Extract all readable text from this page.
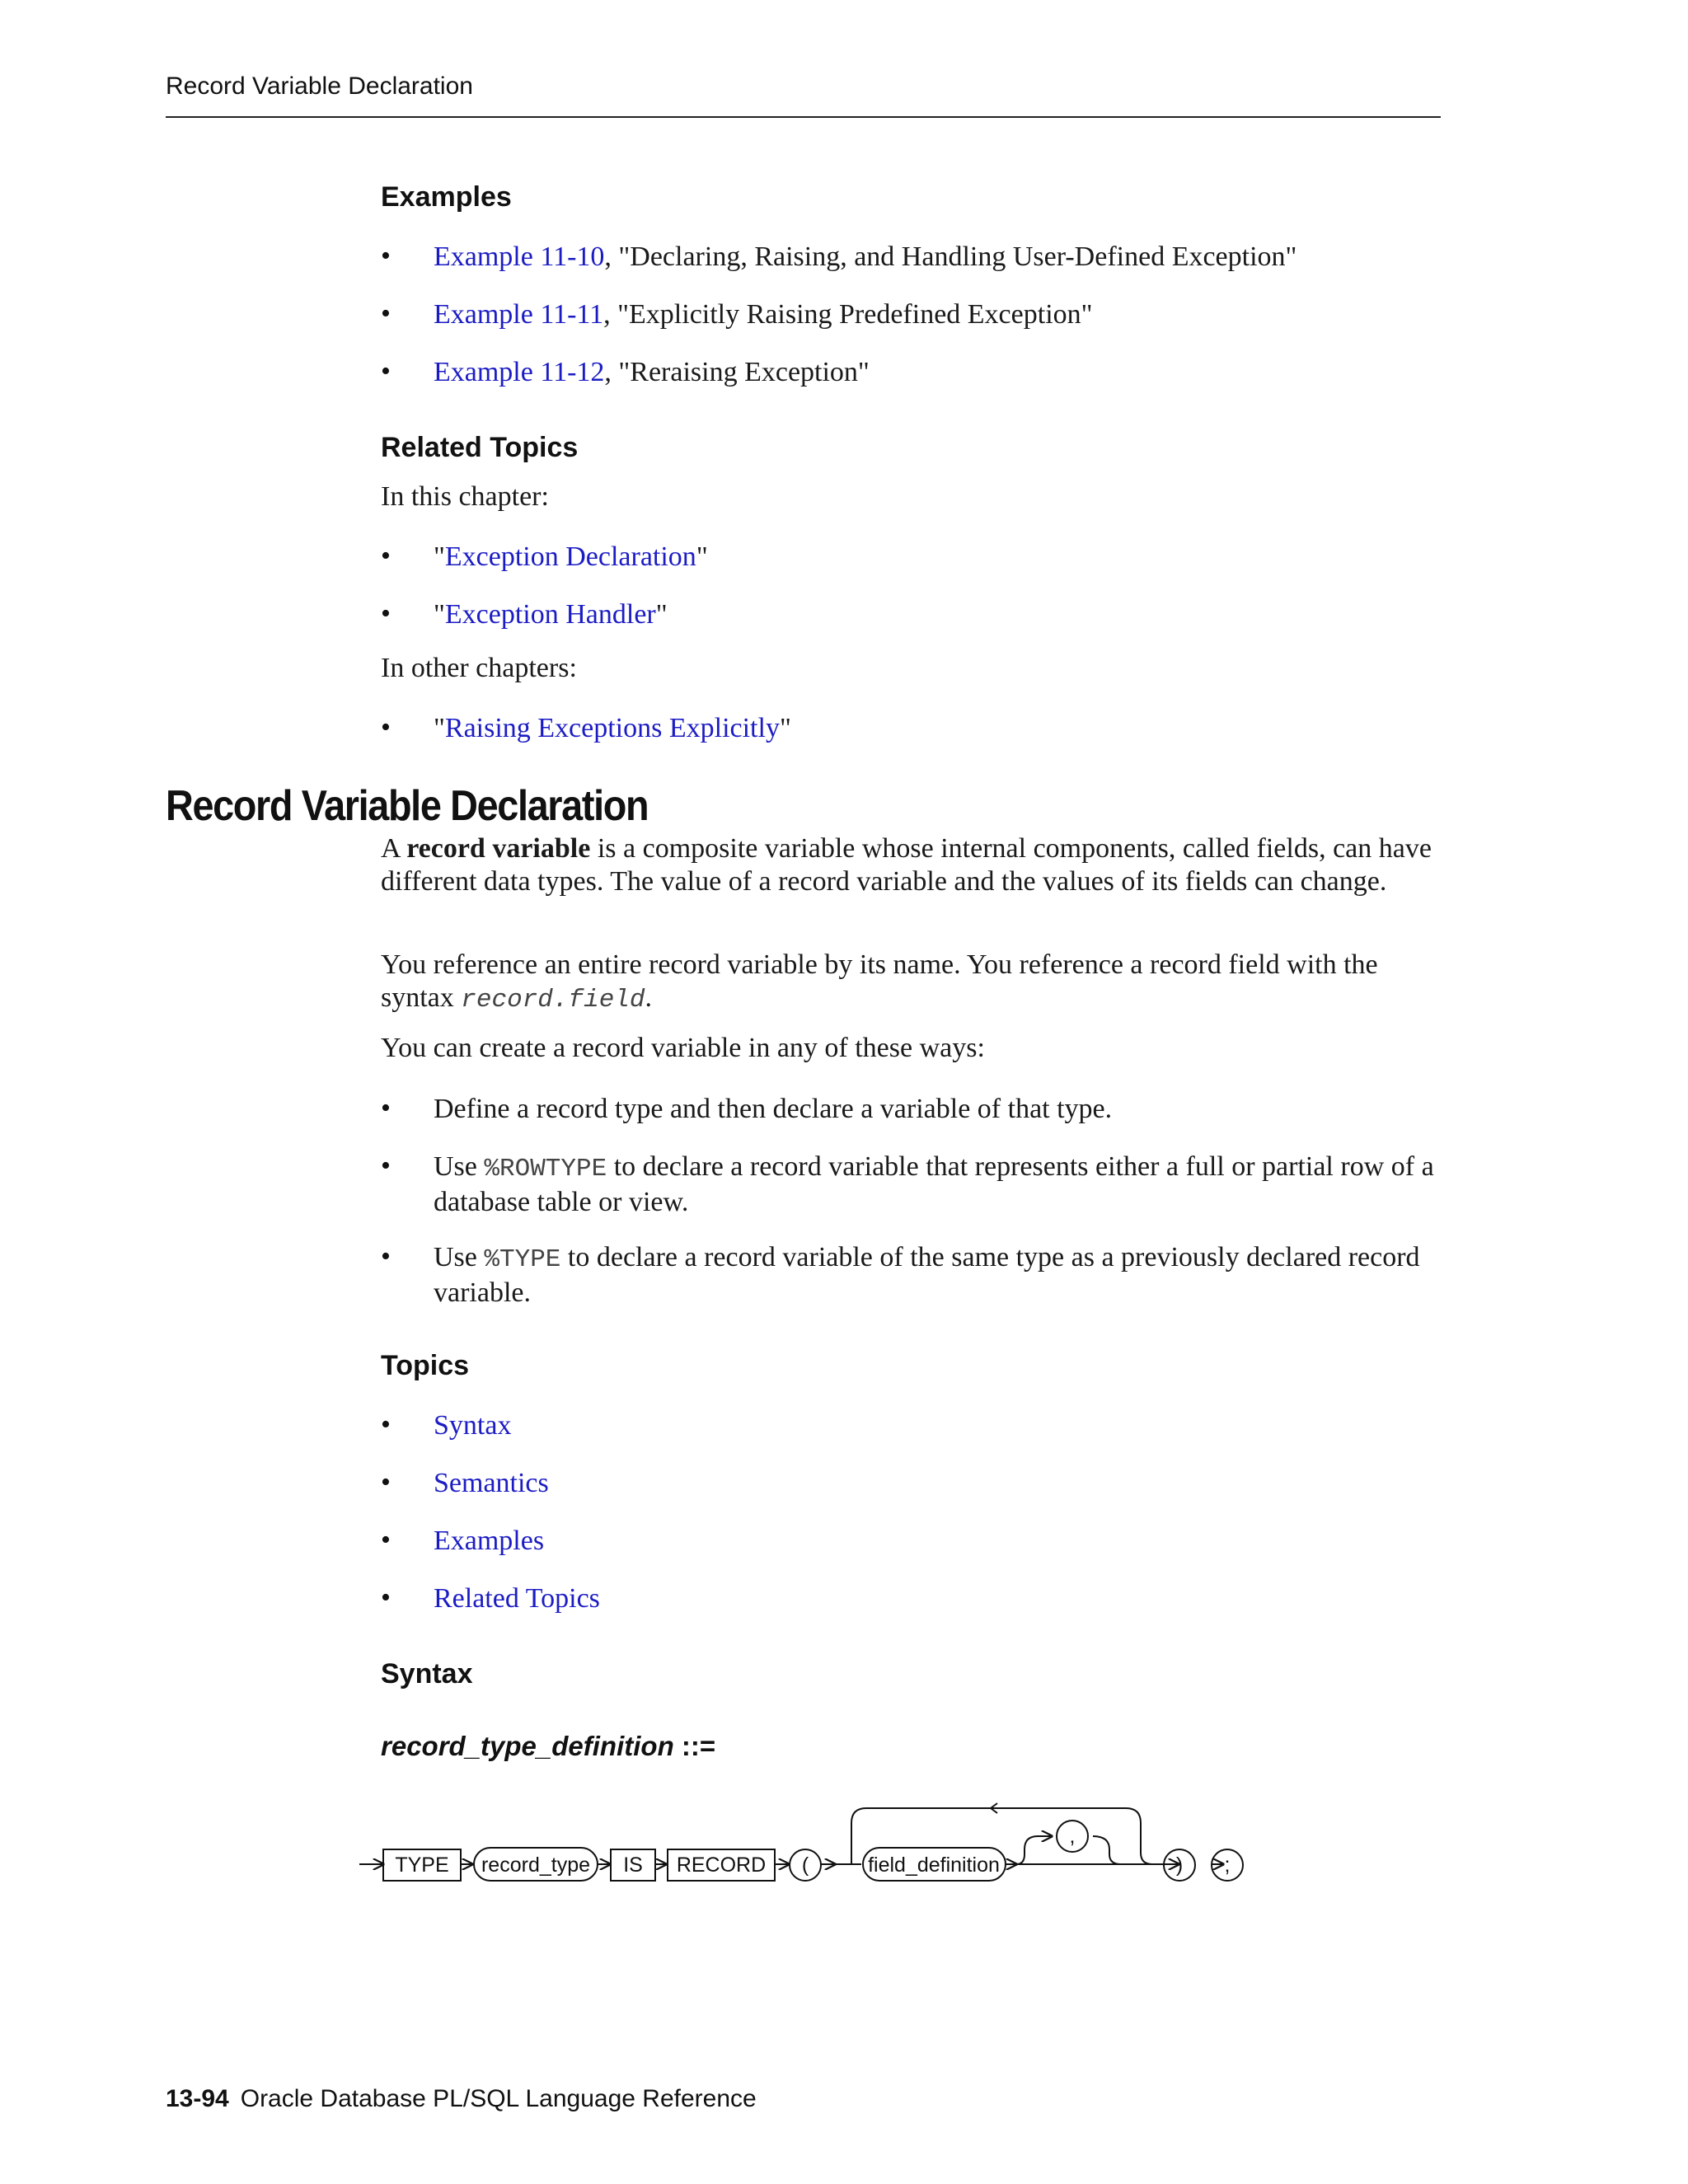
Record Variable Declaration
Examples
• Example 11-10, "Declaring, Raising, and Handling User-Defined Exception"
• Example 11-11, "Explicitly Raising Predefined Exception"
• Example 11-12, "Reraising Exception"
Related Topics
In this chapter:
• "Exception Declaration"
• "Exception Handler"
In other chapters:
• "Raising Exceptions Explicitly"
Record Variable Declaration
A record variable is a composite variable whose internal components, called fields, can have different data types. The value of a record variable and the values of its fields can change.
You reference an entire record variable by its name. You reference a record field with the syntax record.field.
You can create a record variable in any of these ways:
• Define a record type and then declare a variable of that type.
• Use %ROWTYPE to declare a record variable that represents either a full or partial row of a database table or view.
• Use %TYPE to declare a record variable of the same type as a previously declared record variable.
Topics
• Syntax
• Semantics
• Examples
• Related Topics
Syntax
record_type_definition ::=
TYPE record_type IS RECORD (	field_definition
,
) ;
13-94 Oracle Database PL/SQL Language Reference
